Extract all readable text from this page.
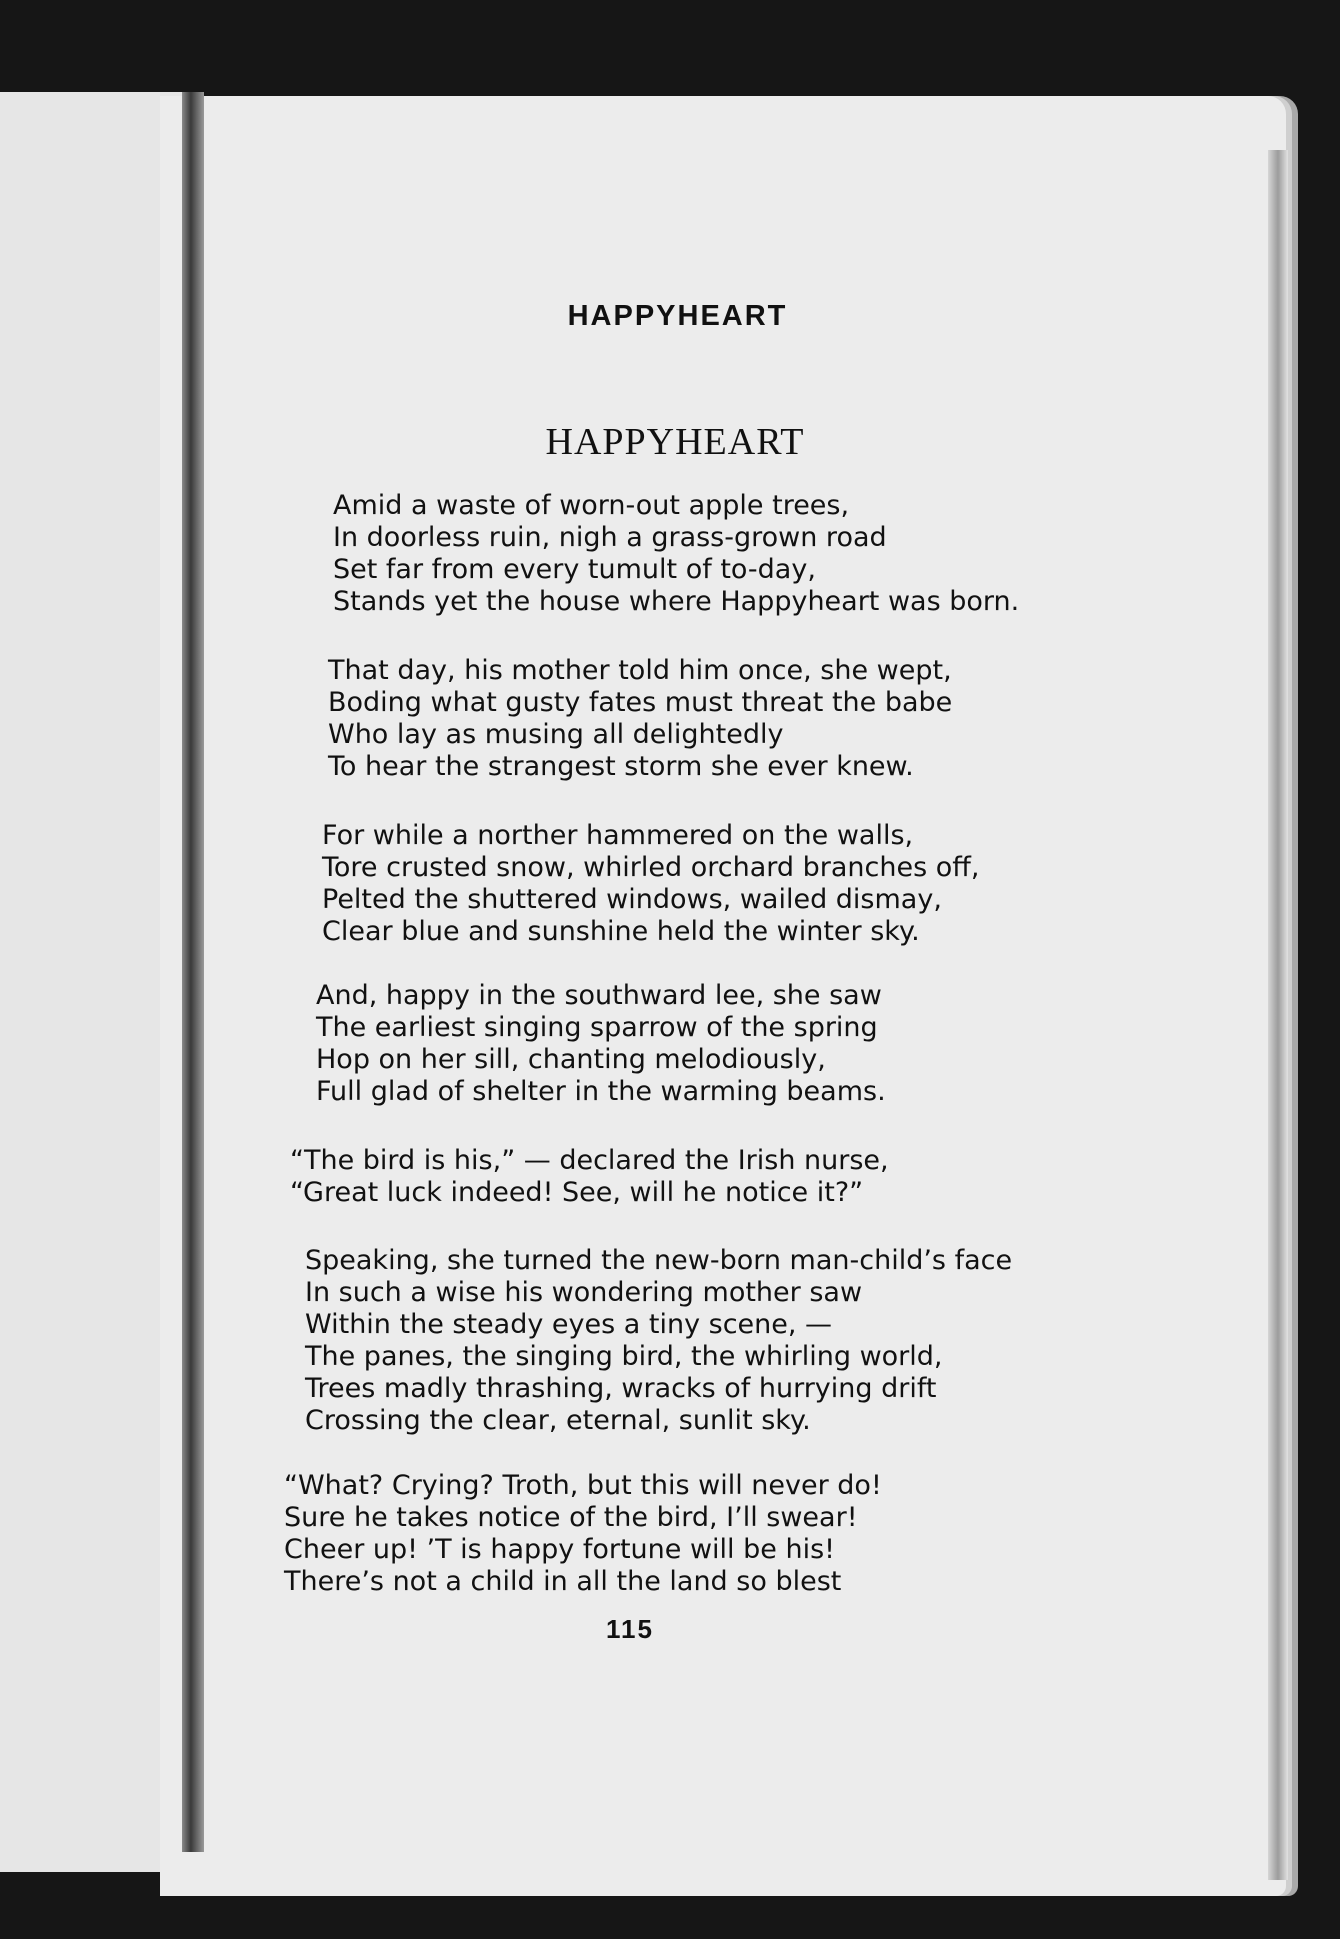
HAPPYHEART
HAPPYHEART
Amid a waste of worn-out apple trees,
In doorless ruin, nigh a grass-grown road
Set far from every tumult of to-day,
Stands yet the house where Happyheart was born.
That day, his mother told him once, she wept,
Boding what gusty fates must threat the babe
Who lay as musing all delightedly
To hear the strangest storm she ever knew.
For while a norther hammered on the walls,
Tore crusted snow, whirled orchard branches off,
Pelted the shuttered windows, wailed dismay,
Clear blue and sunshine held the winter sky.
And, happy in the southward lee, she saw
The earliest singing sparrow of the spring
Hop on her sill, chanting melodiously,
Full glad of shelter in the warming beams.
“The bird is his,” — declared the Irish nurse,
“Great luck indeed! See, will he notice it?”
Speaking, she turned the new-born man-child’s face
In such a wise his wondering mother saw
Within the steady eyes a tiny scene, —
The panes, the singing bird, the whirling world,
Trees madly thrashing, wracks of hurrying drift
Crossing the clear, eternal, sunlit sky.
“What? Crying? Troth, but this will never do!
Sure he takes notice of the bird, I’ll swear!
Cheer up! ’T is happy fortune will be his!
There’s not a child in all the land so blest
115
